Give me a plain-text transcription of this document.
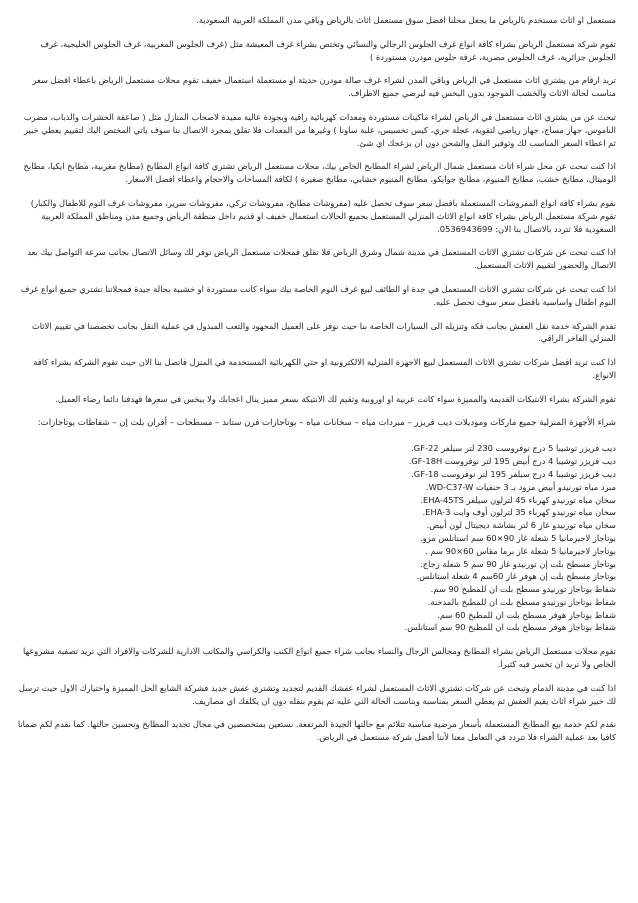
مستعمل او اثاث مستخدم بالرياض ما يجعل محلنا افضل سوق مستعمل اثاث بالرياض وباقي مدن المملكة العربية السعودية.

تقوم شركة مستعمل الرياض بشراء كافة انواع غرف الجلوس الرجالي والنسائي وتختص بشراء غرف المعيشة مثل (غرف الجلوس المغربية، غرف الجلوس الخليجية، غرف الجلوس جزائرية، غرف الجلوس مصرية، غرفة جلوس مودرن مستوردة )

تريد ارقام من يشتري اثاث مستعمل في الرياض وباقي المدن لشراء غرف صالة مودرن حديثة او مستعملة استعمال خفيف تقوم محلات مستعمل الرياض باعطاء افضل سعر مناسب لحالة الاثاث والخشب الموجود بدون البخس فيه ليرضي جميع الاطراف.

تبحث عن من يشتري اثاث مستعمل في الرياض لشراء ماكينات مستوردة ومعدات كهربائية راقية وبجودة عالية مفيدة لاصحاب المنازل مثل ( صاعقة الحشرات والذباب، مضرب الناموس، جهاز مساج، جهاز رياضي لتقوية، عجلة جري، كيس تخسيس، علبة ساونا ) وغيرها من المعدات فلا تقلق بمجرد الاتصال بنا سوف ياتي المختص اليك لتقييم يعطي خبير ثم اعطاء السعر المناسب لك وتوفير النقل والشحن دون ان يزعجك اي شئ.

اذا كنت تبحث عن محل شراء اثاث مستعمل شمال الرياض لشراء المطابخ الخاص بيك، محلات مستعمل الرياض تشتري كافة انواع المطابخ (مطابخ مغربية، مطابخ ايكيا، مطابخ الوميتال، مطابخ خشب، مطابخ المنيوم، مطابخ جوايكو، مطابخ المنيوم خشابي، مطابخ صغيرة ) لكافة المساحات والاحجام واعطاء افضل الاسعار.

نقوم بشراء كافة انواع المفروشات المستعملة بافضل سعر سوف تحصل عليه (مفروشات مطابخ، مفروشات تركي، مفروشات سرير، مفروشات غرف النوم للاطفال والكبار) تقوم شركة مستعمل الرياض بشراء كافة انواع الاثاث المنزلي المستعمل بجميع الحالات استعمال خفيف او قديم داخل منطقة الرياض وجميع مدن ومناطق المملكة العربية السعودية فلا تتردد بالاتصال بنا الان: 0536943699.

اذا كنت تبحث عن شركات تشتري الاثاث المستعمل في مدينة شمال وشرق الرياض فلا تقلق فمحلات مستعمل الرياض توفر لك وسائل الاتصال بجانب سرعة التواصل بيك بعد الاتصال والحضور لتقييم الاثاث المستعمل.

اذا كنت تبحث عن شركات تشتري الاثاث المستعمل في جدة او الطائف لبيع غرف النوم الخاصة بيك سواء كانت مستوردة او خشبية بحالة جيدة فمحلاتنا تشتري جميع انواع غرف النوم اطفال واساسية بافضل سعر سوف تحصل عليه.

تقدم الشركة خدمة نقل العفش بجانب فكه وتنزيله الى السيارات الخاصة بنا حيث نوفر على العميل المجهود والتعب المبذول في عملية النقل بجانب تخصصنا في تقييم الاثاث المنزلي الفاخر الراقي.

اذا كنت تريد افضل شركات تشتري الاثاث المستعمل لبيع الاجهزة المنزلية الالكترونية او حتي الكهربائية المستخدمة في المنزل فاتصل بنا الان حيث تقوم الشركة بشراء كافة الانواع.

تقوم الشركة بشراء الانتيكات القديمة والمميزة سواء كانت عربية او اوروبية وتقيم لك الانتيكة بسعر مميز ينال اعجابك ولا يبخس في سعرها فهدفنا دائما رضاء العميل.

شراء الأجهزة المنزلية جميع ماركات وموديلات ديب فريزر – مبردات مياه – سخانات مياه – بوتاجازات فرن ستاند – مسطحات – أفران بلت إن – شفاطات بوتاجازات:

ديب فريزر توشيبا 5 درج نوفروست 230 لتر سيلفر GF-22.
ديب فريزر توشيبا 4 درج أبيض 195 لتر نوفروست GF-18H.
ديب فريزر توشيبا 4 درج سيلفر 195 لتر نوفروست GF-18.
مبرد مياه تورنيدو أبيض مزود بـ 3 حنفيات WD-C37-W.
سخان مياه تورنيدو كهرباء 45 لترلون سيلفر EHA-45TS.
سخان مياه تورنيدو كهرباء 35 لترلون أوف وايت EHA-3.
سخان مياه تورنيدو غاز 6 لتر بشاشة ديجيتال لون أبيض.
بوتاجاز لاجيرمانيا 5 شعلة غاز 90×60 سم استانلس مزو.
بوتاجاز لاجيرمانيا 5 شعلة غاز برما مقاس 60×90 سم .
بوتاجاز مسطح بلت إن تورنيدو غاز 90 سم 5 شعلة زجاج.
بوتاجاز مسطح بلت إن هوفر غاز 60سم 4 شعلة استانلس.
شفاط بوتاجاز تورنيدو مسطح بلت ان للمطبخ 90 سم.
شفاط بوتاجاز تورنيدو مسطح بلت ان للمطبخ بالمدخنة.
شفاط بوتاجاز هوفر مسطح بلت ان للمطبخ 60 سم.
شفاط بوتاجاز هوفر مسطح بلت ان للمطبخ 90 سم استانلس.

تقوم محلات مستعمل الرياض بشراء المطابخ ومجالس الرجال والنساء بجانب شراء جميع انواع الكنب والكراسي والمكاتب الادارية للشركات والافراد التي تريد تصفية مشروعها الخاص ولا تريد ان تخسر فيه كثيرا.

اذا كنت في مدينة الدمام وتبحث عن شركات تشتري الاثاث المستعمل لشراء عفشك القديم لتجديد وتشتري عفش جديد فشركة الشايع الحل المميزة واختيارك الاول حيث ترسل لك خبير شراء اثاث يقيم العفش ثم يعطي السعر بمناسبة وبناسب الحالة التي عليه ثم يقوم بنقله دون ان يكلفك اي مصاريف.

نقدم لكم خدمة بيع المطابخ المستعملة بأسعار مرضية مناسبة تتلائم مع حالتها الجيدة المرتفعة. نستعين بمتخصصين في مجال تجديد المطابخ وتحسين حالتها. كما نقدم لكم ضمانا كافيا بعد عملية الشراء فلا تتردد في التعامل معنا لأننا أفضل شركة مستعمل في الرياض.
